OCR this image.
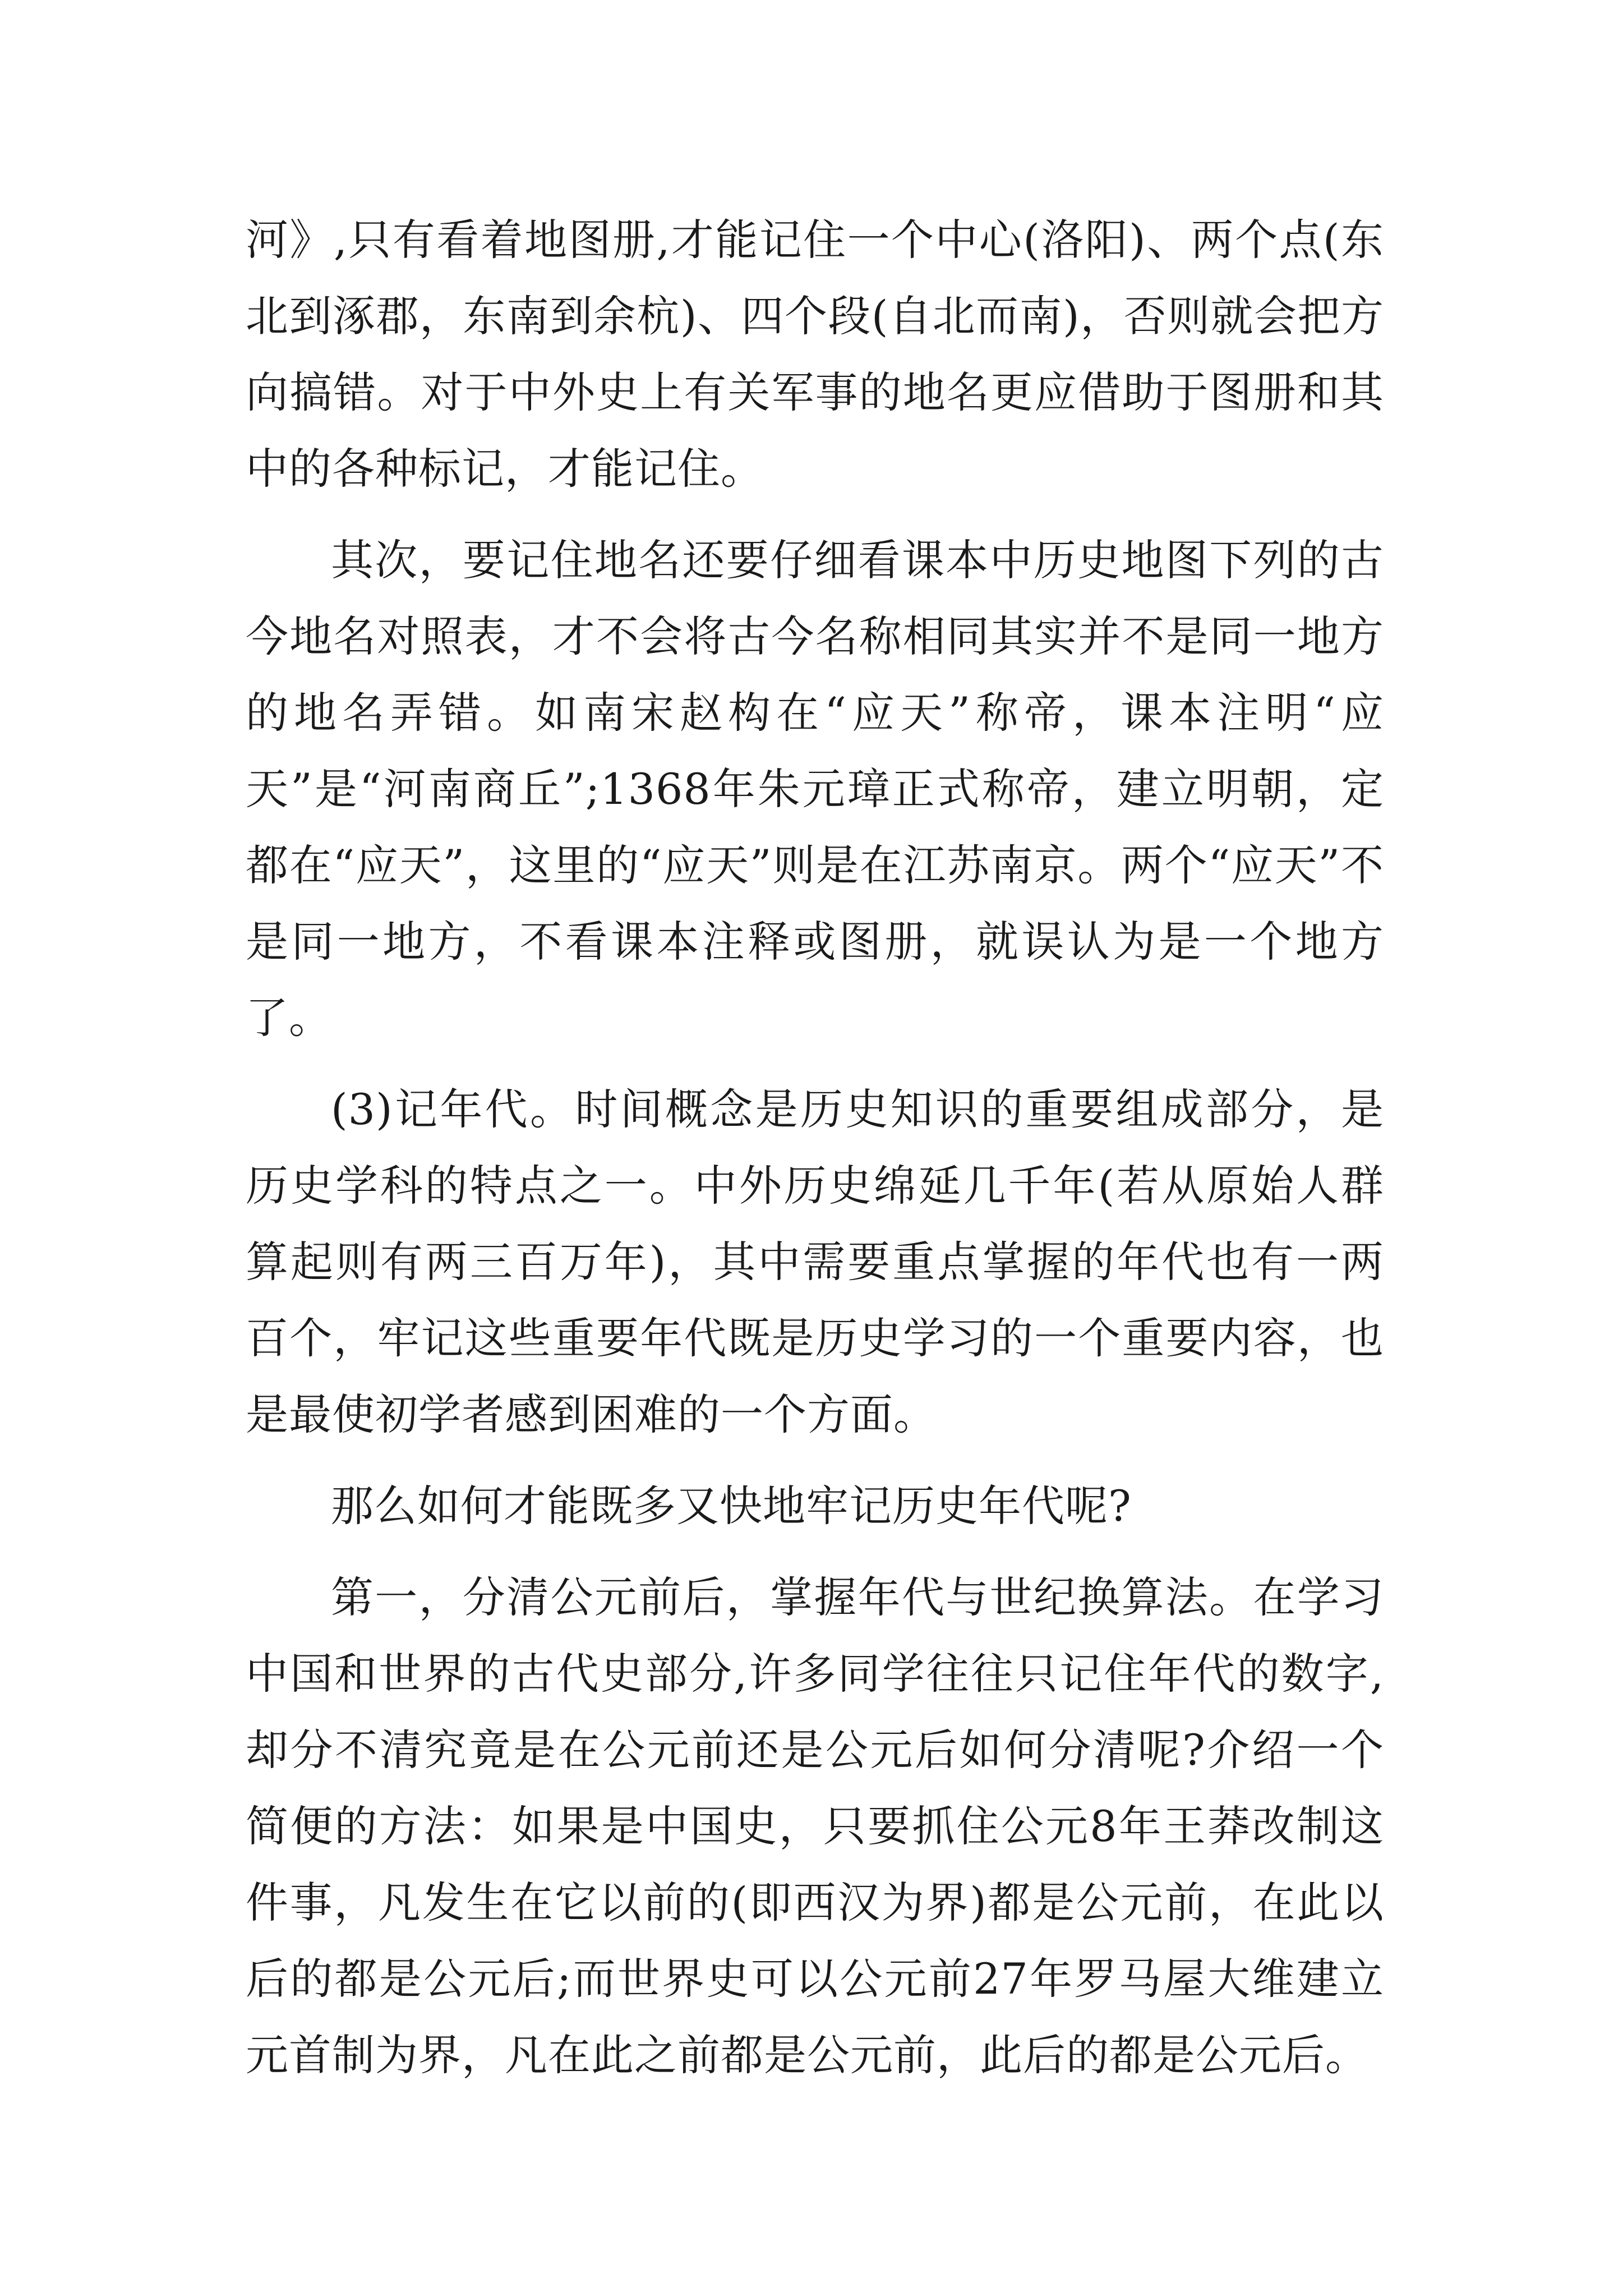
河》,只有看着地图册,才能记住一个中心(洛阳)、两个点(东北到涿郡，东南到余杭)、四个段(自北而南)，否则就会把方向搞错。对于中外史上有关军事的地名更应借助于图册和其中的各种标记，才能记住。

其次，要记住地名还要仔细看课本中历史地图下列的古今地名对照表，才不会将古今名称相同其实并不是同一地方的地名弄错。如南宋赵构在“应天”称帝，课本注明“应天”是“河南商丘”;1368年朱元璋正式称帝，建立明朝，定都在“应天”，这里的“应天”则是在江苏南京。两个“应天”不是同一地方，不看课本注释或图册，就误认为是一个地方了。

(3)记年代。时间概念是历史知识的重要组成部分，是历史学科的特点之一。中外历史绵延几千年(若从原始人群算起则有两三百万年)，其中需要重点掌握的年代也有一两百个，牢记这些重要年代既是历史学习的一个重要内容，也是最使初学者感到困难的一个方面。

那么如何才能既多又快地牢记历史年代呢?

第一，分清公元前后，掌握年代与世纪换算法。在学习中国和世界的古代史部分,许多同学往往只记住年代的数字,却分不清究竟是在公元前还是公元后如何分清呢?介绍一个简便的方法：如果是中国史，只要抓住公元8年王莽改制这件事，凡发生在它以前的(即西汉为界)都是公元前，在此以后的都是公元后;而世界史可以公元前27年罗马屋大维建立元首制为界，凡在此之前都是公元前，此后的都是公元后。
